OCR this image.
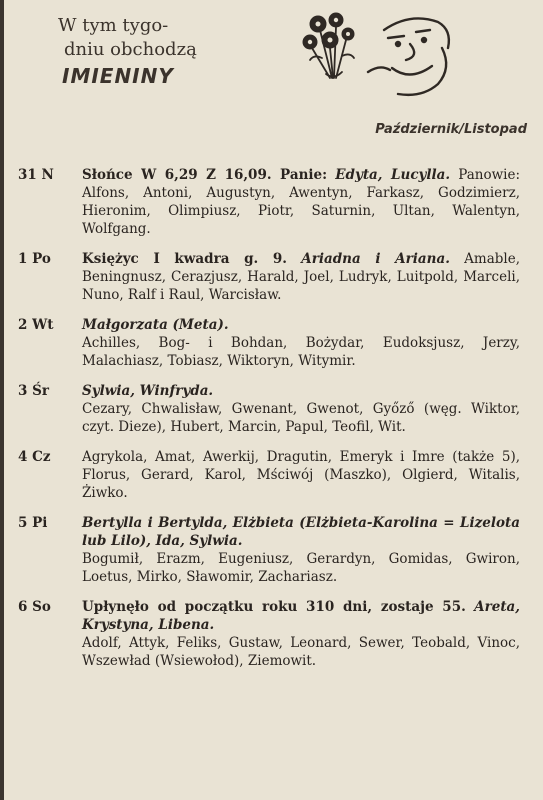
W tym tygo-
dniu obchodzą
IMIENINY
Październik/Listopad
31 N	Słońce W 6,29 Z 16,09. Panie: Edyta, Lucylla. Panowie: Alfons, Antoni, Augustyn, Awentyn, Farkasz, Godzimierz, Hieronim, Olimpiusz, Piotr, Saturnin, Ultan, Walentyn, Wolfgang.
1 Po	Księżyc I kwadra g. 9. Ariadna i Ariana. Amable, Beningnusz, Cerazjusz, Harald, Joel, Ludryk, Luitpold, Marceli, Nuno, Ralf i Raul, Warcisław.
2 Wt	Małgorzata (Meta).
Achilles, Bog- i Bohdan, Bożydar, Eudoksjusz, Jerzy, Malachiasz, Tobiasz, Wiktoryn, Witymir.
3 Śr	Sylwia, Winfryda.
Cezary, Chwalisław, Gwenant, Gwenot, Győző (węg. Wiktor, czyt. Dieze), Hubert, Marcin, Papul, Teofil, Wit.
4 Cz	Agrykola, Amat, Awerkij, Dragutin, Emeryk i Imre (także 5), Florus, Gerard, Karol, Mściwój (Maszko), Olgierd, Witalis, Żiwko.
5 Pi	Bertylla i Bertylda, Elżbieta (Elżbieta-Karolina = Lizelota lub Lilo), Ida, Sylwia.
Bogumił, Erazm, Eugeniusz, Gerardyn, Gomidas, Gwiron, Loetus, Mirko, Sławomir, Zachariasz.
6 So	Upłynęło od początku roku 310 dni, zostaje 55. Areta, Krystyna, Libena.
Adolf, Attyk, Feliks, Gustaw, Leonard, Sewer, Teobald, Vinoc, Wszewład (Wsiewołod), Ziemowit.
